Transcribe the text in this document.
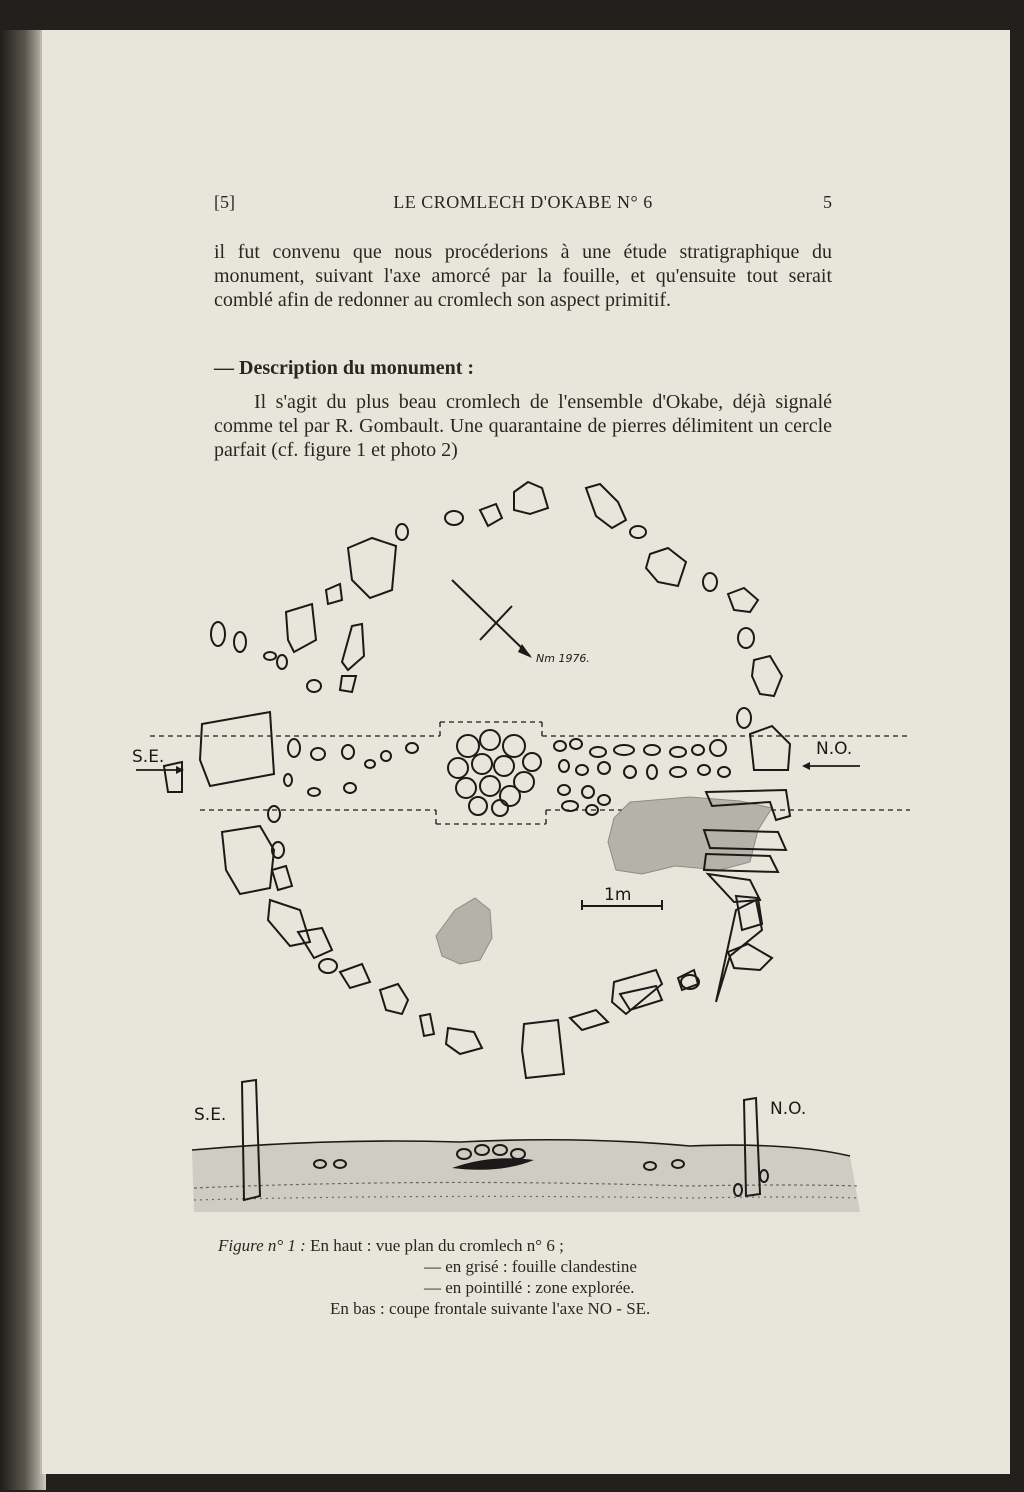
[5]	LE CROMLECH D'OKABE N° 6	5
il fut convenu que nous procéderions à une étude stratigraphique du monument, suivant l'axe amorcé par la fouille, et qu'ensuite tout serait comblé afin de redonner au cromlech son aspect primitif.
— Description du monument :
Il s'agit du plus beau cromlech de l'ensemble d'Okabe, déjà signalé comme tel par R. Gombault. Une quarantaine de pierres délimitent un cercle parfait (cf. figure 1 et photo 2)
Nm 1976.
S.E.	N.O.
1m
S.E.	N.O.
Figure n° 1 : En haut : vue plan du cromlech n° 6 ;
— en grisé : fouille clandestine
— en pointillé : zone explorée.
En bas : coupe frontale suivante l'axe NO - SE.
